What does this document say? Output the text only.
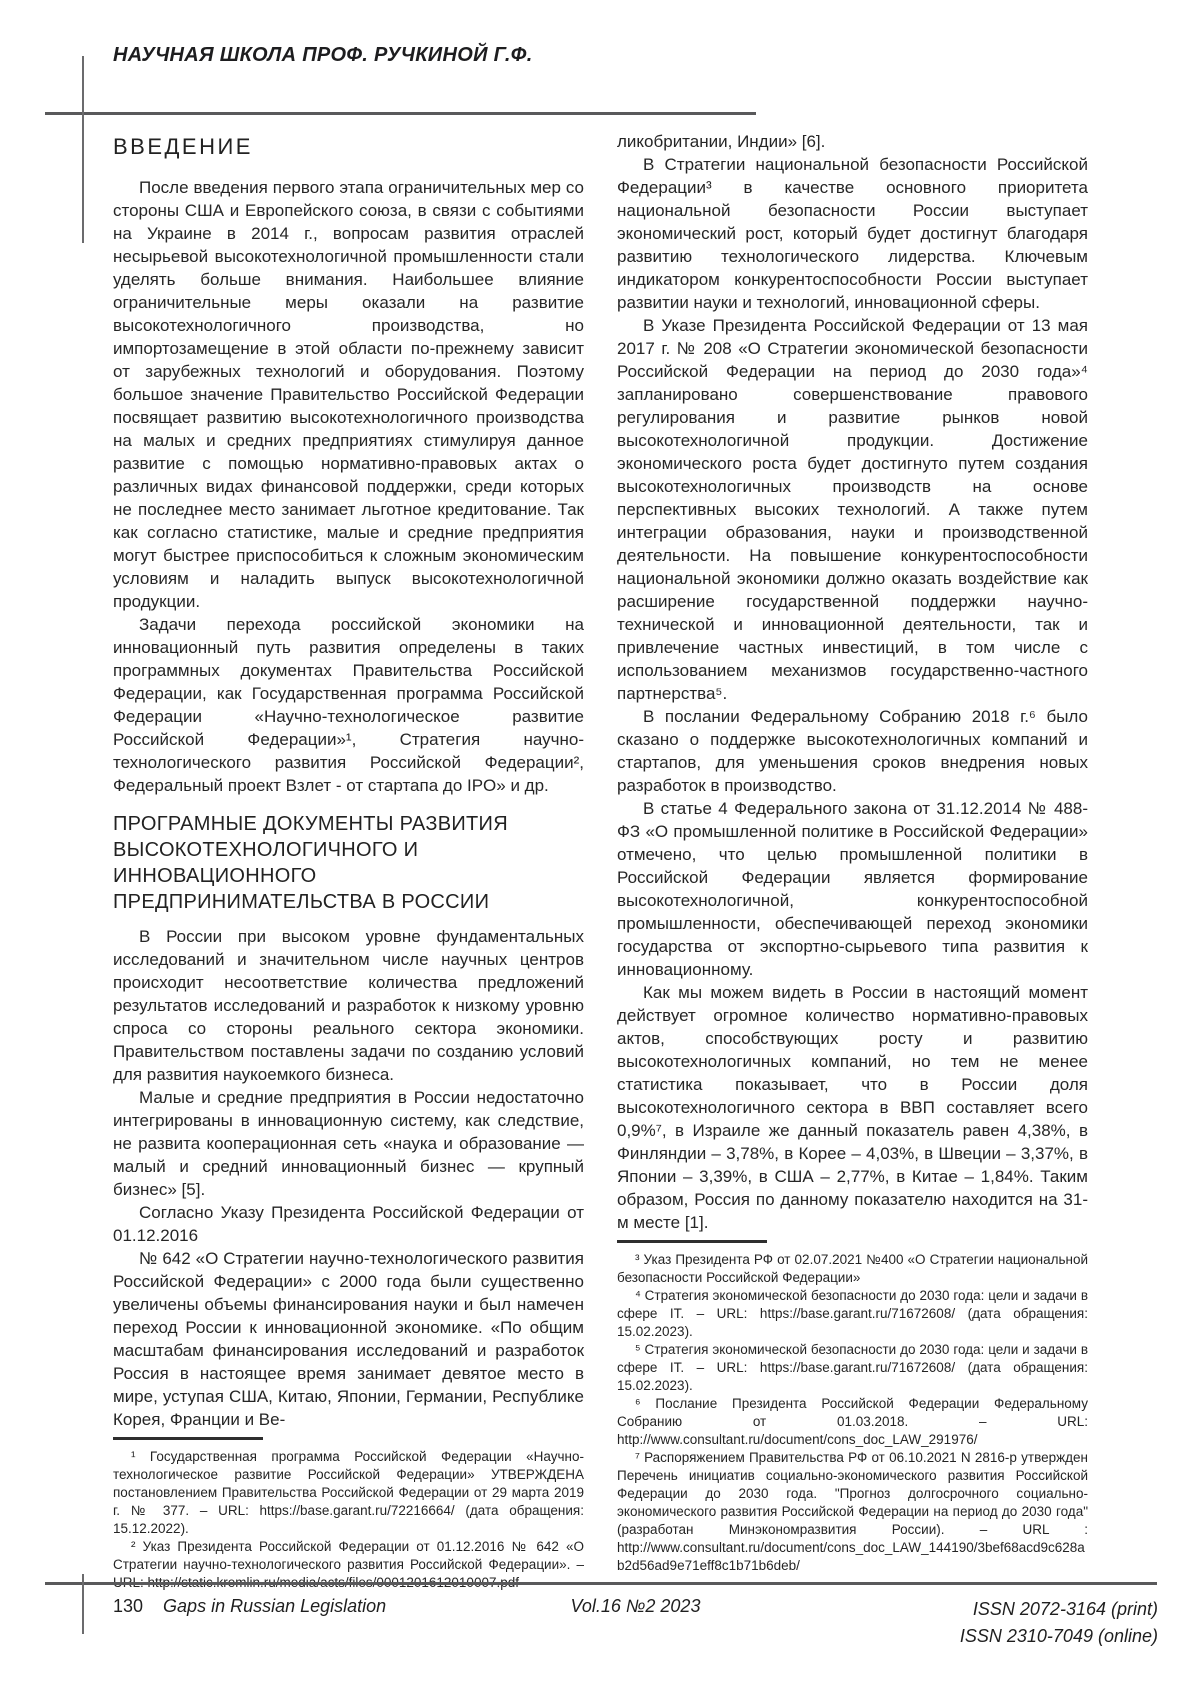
НАУЧНАЯ ШКОЛА ПРОФ. РУЧКИНОЙ Г.Ф.
ВВЕДЕНИЕ

После введения первого этапа ограничительных мер со стороны США и Европейского союза, в связи с событиями на Украине в 2014 г., вопросам развития отраслей несырьевой высокотехнологичной промышленности стали уделять больше внимания. Наибольшее влияние ограничительные меры оказали на развитие высокотехнологичного производства, но импортозамещение в этой области по-прежнему зависит от зарубежных технологий и оборудования. Поэтому большое значение Правительство Российской Федерации посвящает развитию высокотехнологичного производства на малых и средних предприятиях стимулируя данное развитие с помощью нормативно-правовых актах о различных видах финансовой поддержки, среди которых не последнее место занимает льготное кредитование. Так как согласно статистике, малые и средние предприятия могут быстрее приспособиться к сложным экономическим условиям и наладить выпуск высокотехнологичной продукции.

Задачи перехода российской экономики на инновационный путь развития определены в таких программных документах Правительства Российской Федерации, как Государственная программа Российской Федерации «Научно-технологическое развитие Российской Федерации»¹, Стратегия научно-технологического развития Российской Федерации², Федеральный проект Взлет - от стартапа до IPO» и др.

ПРОГРАМНЫЕ ДОКУМЕНТЫ РАЗВИТИЯ ВЫСОКОТЕХНОЛОГИЧНОГО И ИННОВАЦИОННОГО ПРЕДПРИНИМАТЕЛЬСТВА В РОССИИ

В России при высоком уровне фундаментальных исследований и значительном числе научных центров происходит несоответствие количества предложений результатов исследований и разработок к низкому уровню спроса со стороны реального сектора экономики. Правительством поставлены задачи по созданию условий для развития наукоемкого бизнеса.

Малые и средние предприятия в России недостаточно интегрированы в инновационную систему, как следствие, не развита кооперационная сеть «наука и образование — малый и средний инновационный бизнес — крупный бизнес» [5].

Согласно Указу Президента Российской Федерации от 01.12.2016

№ 642 «О Стратегии научно-технологического развития Российской Федерации» с 2000 года были существенно увеличены объемы финансирования науки и был намечен переход России к инновационной экономике. «По общим масштабам финансирования исследований и разработок Россия в настоящее время занимает девятое место в мире, уступая США, Китаю, Японии, Германии, Республике Корея, Франции и Ве-

¹ Государственная программа Российской Федерации «Научно-технологическое развитие Российской Федерации» УТВЕРЖДЕНА постановлением Правительства Российской Федерации от 29 марта 2019 г. № 377. – URL: https://base.garant.ru/72216664/ (дата обращения: 15.12.2022).

² Указ Президента Российской Федерации от 01.12.2016 № 642 «О Стратегии научно-технологического развития Российской Федерации». –

ликобритании, Индии» [6].

В Стратегии национальной безопасности Российской Федерации³ в качестве основного приоритета национальной безопасности России выступает экономический рост, который будет достигнут благодаря развитию технологического лидерства. Ключевым индикатором конкурентоспособности России выступает развитии науки и технологий, инновационной сферы.

В Указе Президента Российской Федерации от 13 мая 2017 г. № 208 «О Стратегии экономической безопасности Российской Федерации на период до 2030 года»⁴ запланировано совершенствование правового регулирования и развитие рынков новой высокотехнологичной продукции. Достижение экономического роста будет достигнуто путем создания высокотехнологичных производств на основе перспективных высоких технологий. А также путем интеграции образования, науки и производственной деятельности. На повышение конкурентоспособности национальной экономики должно оказать воздействие как расширение государственной поддержки научно-технической и инновационной деятельности, так и привлечение частных инвестиций, в том числе с использованием механизмов государственно-частного партнерства⁵.

В послании Федеральному Собранию 2018 г.⁶ было сказано о поддержке высокотехнологичных компаний и стартапов, для уменьшения сроков внедрения новых разработок в производство.

В статье 4 Федерального закона от 31.12.2014 № 488-ФЗ «О промышленной политике в Российской Федерации» отмечено, что целью промышленной политики в Российской Федерации является формирование высокотехнологичной, конкурентоспособной промышленности, обеспечивающей переход экономики государства от экспортно-сырьевого типа развития к инновационному.

Как мы можем видеть в России в настоящий момент действует огромное количество нормативно-правовых актов, способствующих росту и развитию высокотехнологичных компаний, но тем не менее статистика показывает, что в России доля высокотехнологичного сектора в ВВП составляет всего 0,9%⁷, в Израиле же данный показатель равен 4,38%, в Финляндии – 3,78%, в Корее – 4,03%, в Швеции – 3,37%, в Японии – 3,39%, в США – 2,77%, в Китае – 1,84%. Таким образом, Россия по данному показателю находится на 31-м месте [1].

³ Указ Президента РФ от 02.07.2021 №400 «О Стратегии национальной безопасности Российской Федерации»

⁴ Стратегия экономической безопасности до 2030 года: цели и задачи в сфере IT. – URL: https://base.garant.ru/71672608/ (дата обращения: 15.02.2023).

⁵ Стратегия экономической безопасности до 2030 года: цели и задачи в сфере IT. – URL: https://base.garant.ru/71672608/ (дата обращения: 15.02.2023).

⁶ Послание Президента Российской Федерации Федеральному Собранию от 01.03.2018. – URL: http://www.consultant.ru/document/cons_doc_LAW_291976/

⁷ Распоряжением Правительства РФ от 06.10.2021 N 2816-р утвержден Перечень инициатив социально-экономического развития Российской Федерации до 2030 года. "Прогноз долгосрочного социально-экономического развития Российской Федерации на период до 2030 года" (разработан Минэкономразвития России). – URL : http://www.consultant.ru/document/cons_doc_LAW_144190/3bef68acd9c628ab2d56ad9e71eff8c1b71b6deb/

130 Gaps in Russian Legislation	Vol.16 №2 2023	ISSN 2072-3164 (print)
ISSN 2310-7049 (online)
